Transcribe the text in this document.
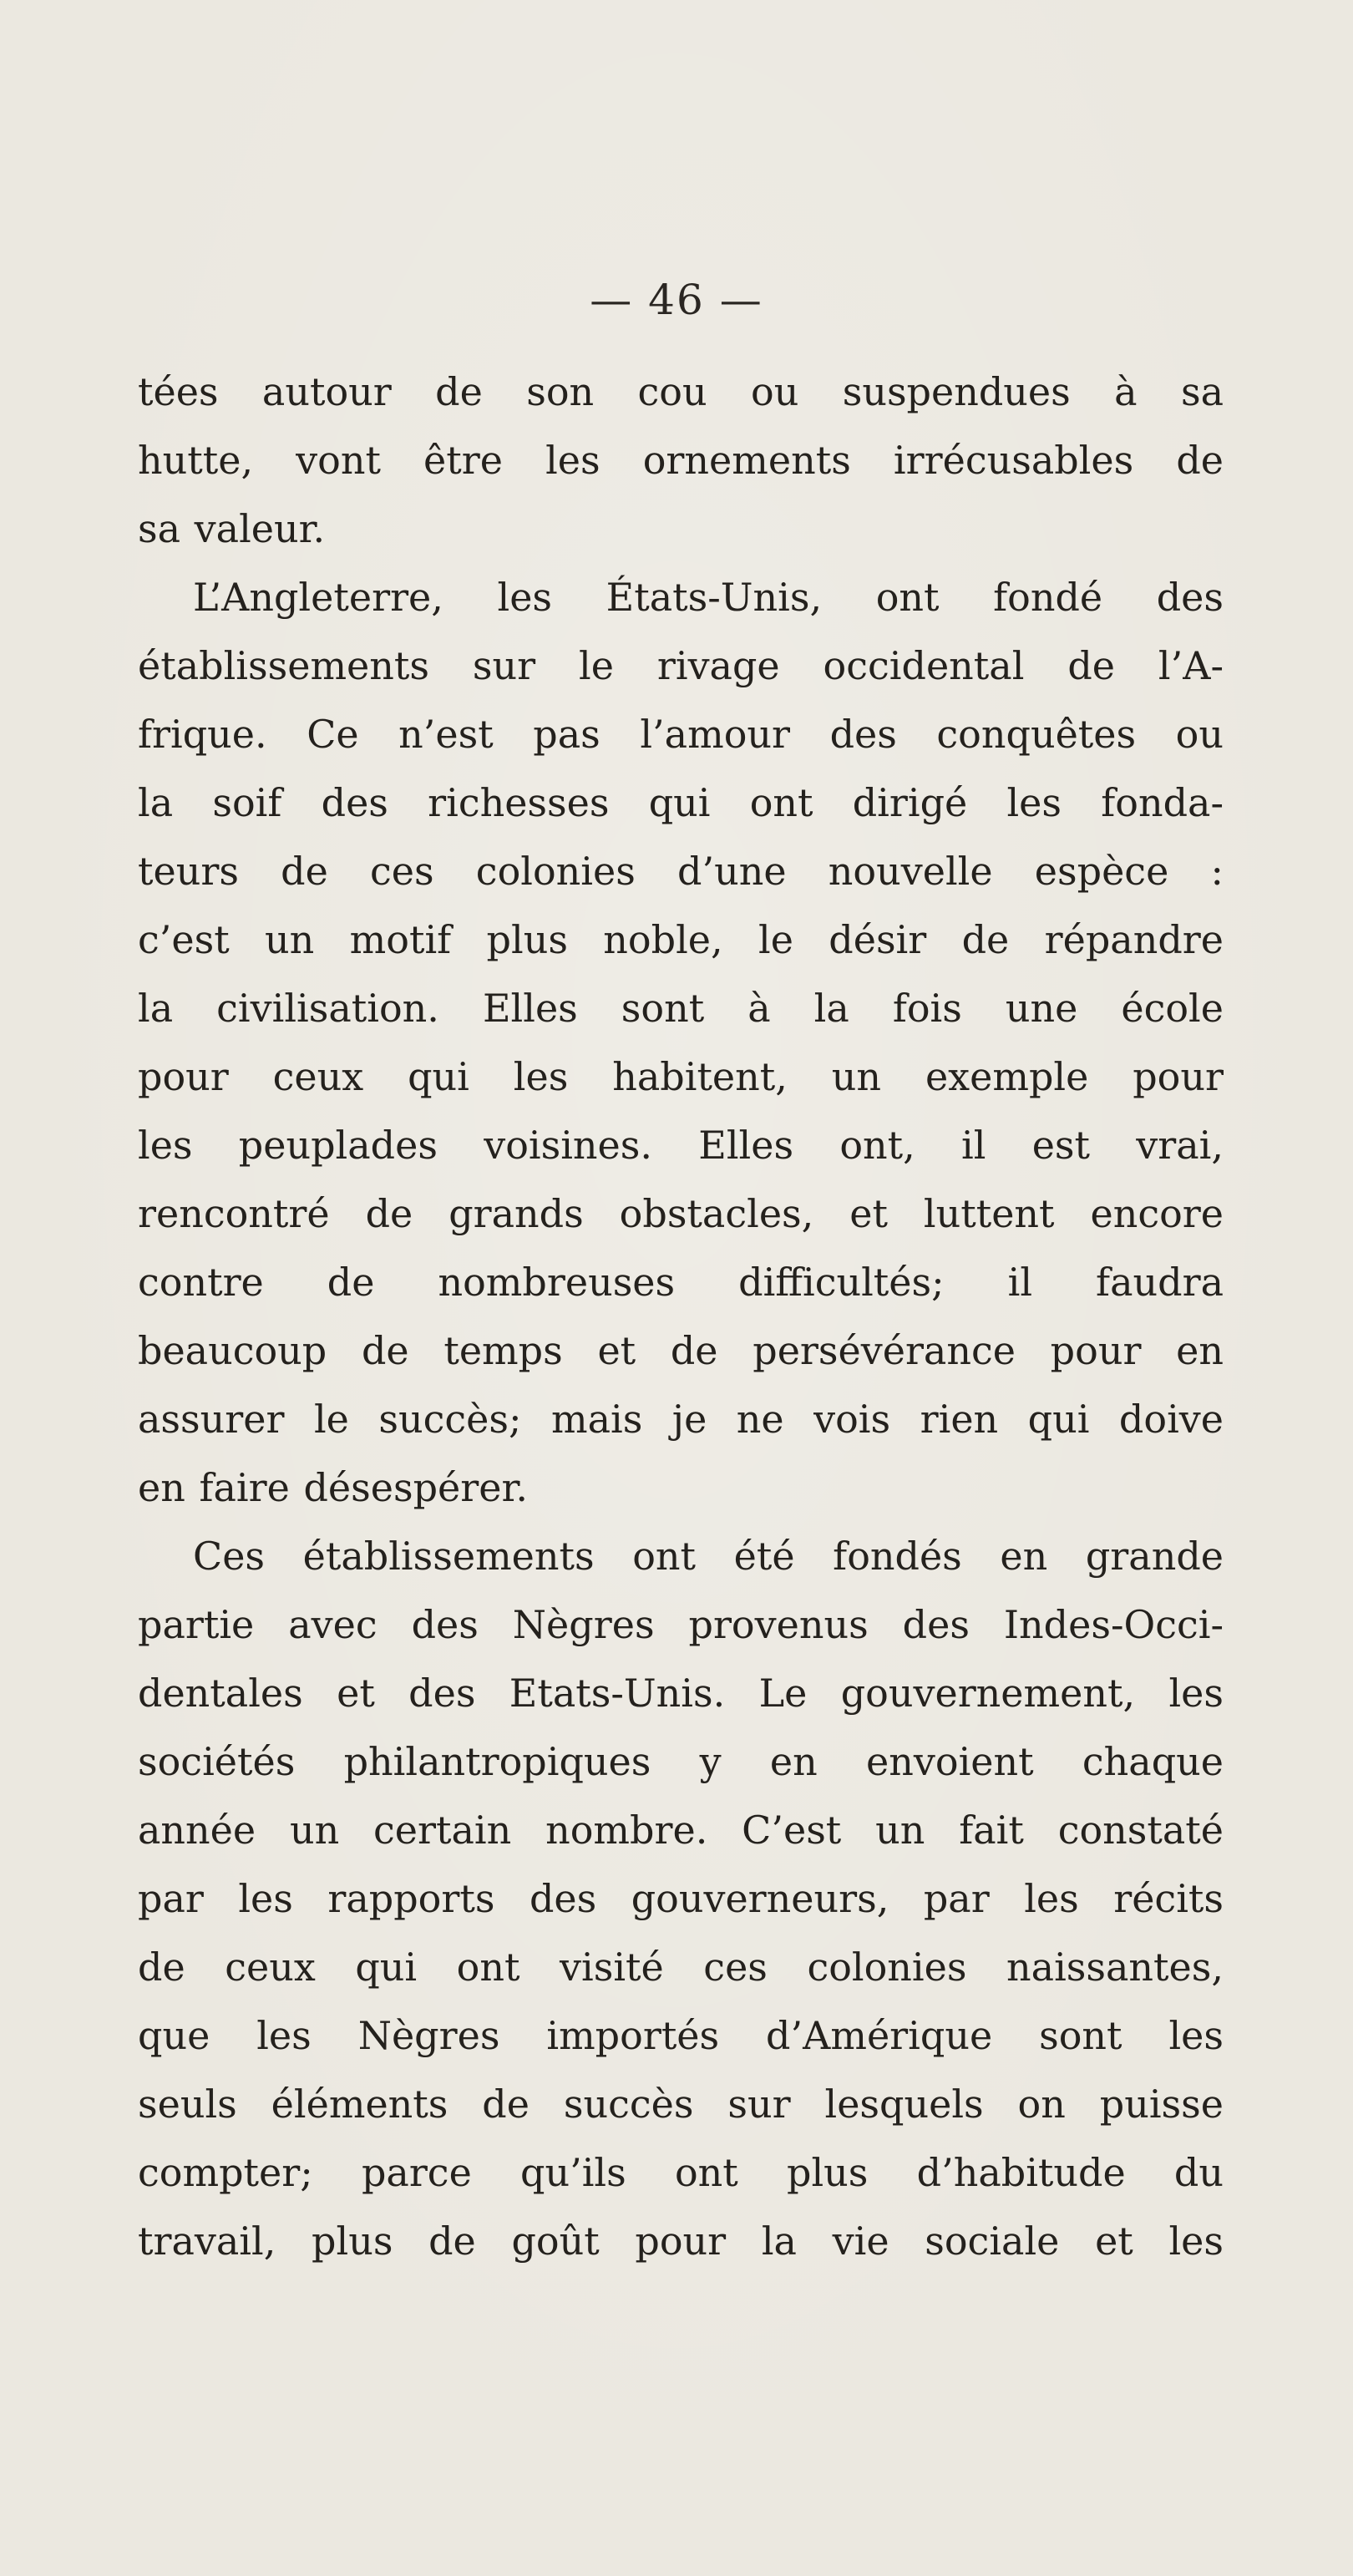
— 46 —
tées autour de son cou ou suspendues à sa
hutte, vont être les ornements irrécusables de
sa valeur.
L’Angleterre, les États-Unis, ont fondé des
établissements sur le rivage occidental de l’A-
frique. Ce n’est pas l’amour des conquêtes ou
la soif des richesses qui ont dirigé les fonda-
teurs de ces colonies d’une nouvelle espèce :
c’est un motif plus noble, le désir de répandre
la civilisation. Elles sont à la fois une école
pour ceux qui les habitent, un exemple pour
les peuplades voisines. Elles ont, il est vrai,
rencontré de grands obstacles, et luttent encore
contre de nombreuses difficultés; il faudra
beaucoup de temps et de persévérance pour en
assurer le succès; mais je ne vois rien qui doive
en faire désespérer.
Ces établissements ont été fondés en grande
partie avec des Nègres provenus des Indes-Occi-
dentales et des Etats-Unis. Le gouvernement, les
sociétés philantropiques y en envoient chaque
année un certain nombre. C’est un fait constaté
par les rapports des gouverneurs, par les récits
de ceux qui ont visité ces colonies naissantes,
que les Nègres importés d’Amérique sont les
seuls éléments de succès sur lesquels on puisse
compter; parce qu’ils ont plus d’habitude du
travail, plus de goût pour la vie sociale et les
